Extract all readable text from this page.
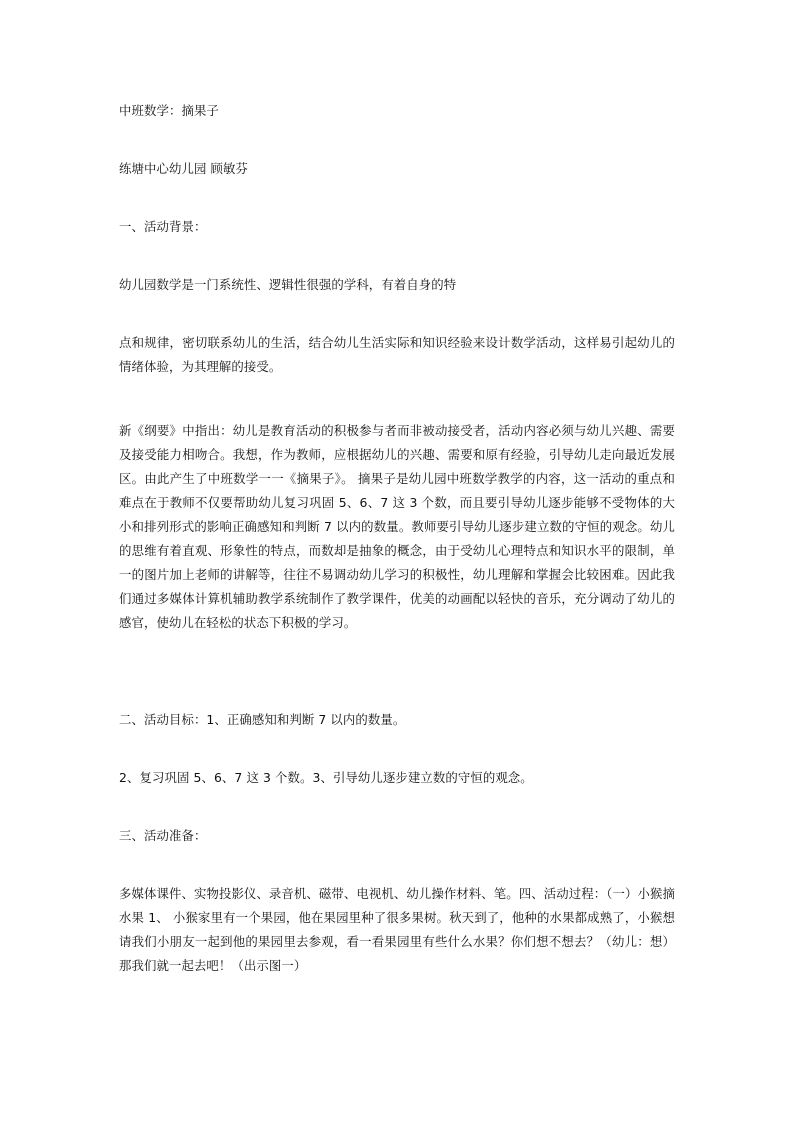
中班数学：摘果子

练塘中心幼儿园 顾敏芬

一、活动背景：

幼儿园数学是一门系统性、逻辑性很强的学科，有着自身的特

点和规律，密切联系幼儿的生活，结合幼儿生活实际和知识经验来设计数学活动，这样易引起幼儿的情绪体验，为其理解的接受。

新《纲要》中指出：幼儿是教育活动的积极参与者而非被动接受者，活动内容必须与幼儿兴趣、需要及接受能力相吻合。我想，作为教师，应根据幼儿的兴趣、需要和原有经验，引导幼儿走向最近发展区。由此产生了中班数学一一《摘果子》。 摘果子是幼儿园中班数学教学的内容，这一活动的重点和难点在于教师不仅要帮助幼儿复习巩固 5、6、7 这 3 个数，而且要引导幼儿逐步能够不受物体的大小和排列形式的影响正确感知和判断 7 以内的数量。教师要引导幼儿逐步建立数的守恒的观念。幼儿的思维有着直观、形象性的特点，而数却是抽象的概念，由于受幼儿心理特点和知识水平的限制，单一的图片加上老师的讲解等，往往不易调动幼儿学习的积极性，幼儿理解和掌握会比较困难。因此我们通过多媒体计算机辅助教学系统制作了教学课件，优美的动画配以轻快的音乐，充分调动了幼儿的感官，使幼儿在轻松的状态下积极的学习。

二、活动目标：1、正确感知和判断 7 以内的数量。

2、复习巩固 5、6、7 这 3 个数。3、引导幼儿逐步建立数的守恒的观念。

三、活动准备：

多媒体课件、实物投影仪、录音机、磁带、电视机、幼儿操作材料、笔。四、活动过程：（一）小猴摘水果 1、 小猴家里有一个果园，他在果园里种了很多果树。秋天到了，他种的水果都成熟了，小猴想请我们小朋友一起到他的果园里去参观，看一看果园里有些什么水果？你们想不想去？（幼儿：想）那我们就一起去吧！（出示图一）
